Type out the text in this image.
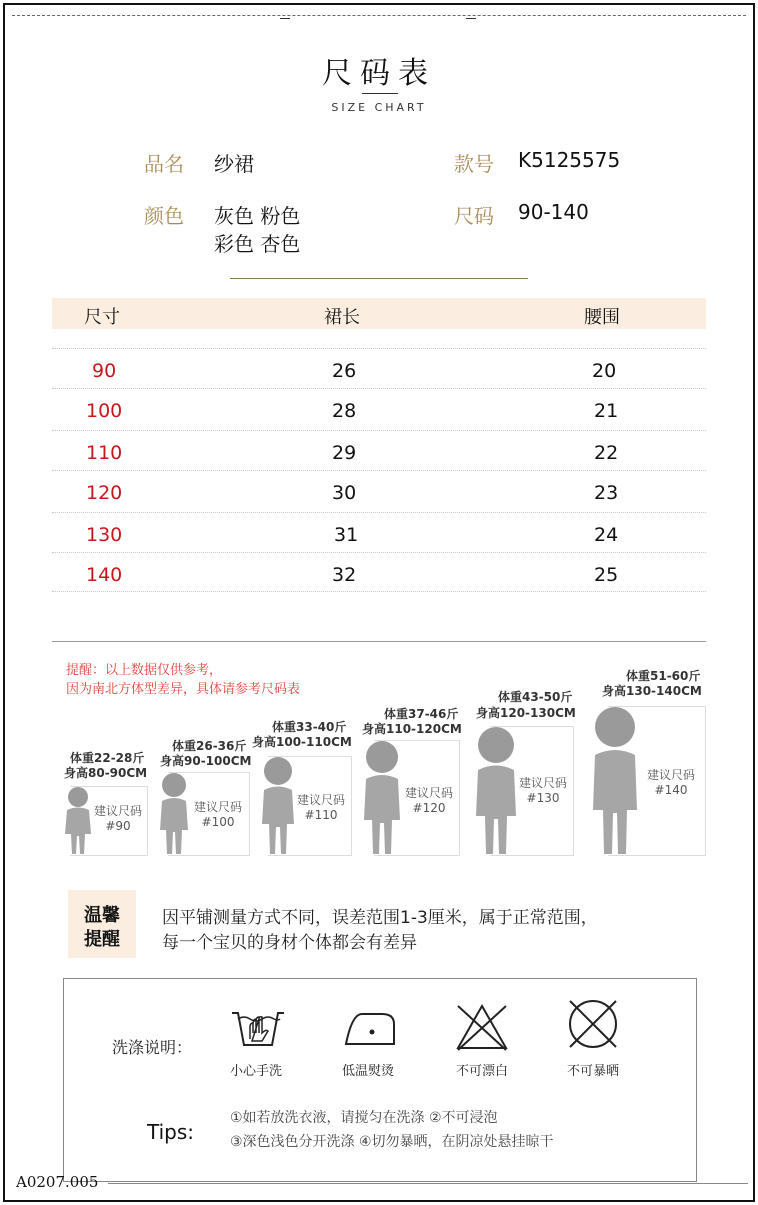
尺码表
SIZE CHART
品名 纱裙	款号 K5125575
颜色 灰色 粉色
彩色 杏色
尺码 90-140
尺寸	裙长	腰围
90	26	20
100	28	21
110	29	22
120	30	23
130	31	24
140	32	25
提醒：以上数据仅供参考，
因为南北方体型差异，具体请参考尺码表
体重22-28斤
身高80-90CM
建议尺码
#90
体重26-36斤
身高90-100CM
建议尺码
#100
体重33-40斤
身高100-110CM
建议尺码
#110
体重37-46斤
身高110-120CM
建议尺码
#120
体重43-50斤
身高120-130CM
建议尺码
#130
体重51-60斤
身高130-140CM
建议尺码
#140
温馨
提醒
因平铺测量方式不同，误差范围1-3厘米，属于正常范围，
每一个宝贝的身材个体都会有差异
洗涤说明：
小心手洗	低温熨烫	不可漂白	不可暴晒
Tips:
①如若放洗衣液，请搅匀在洗涤 ②不可浸泡
③深色浅色分开洗涤 ④切勿暴晒，在阴凉处悬挂晾干
A0207.005
